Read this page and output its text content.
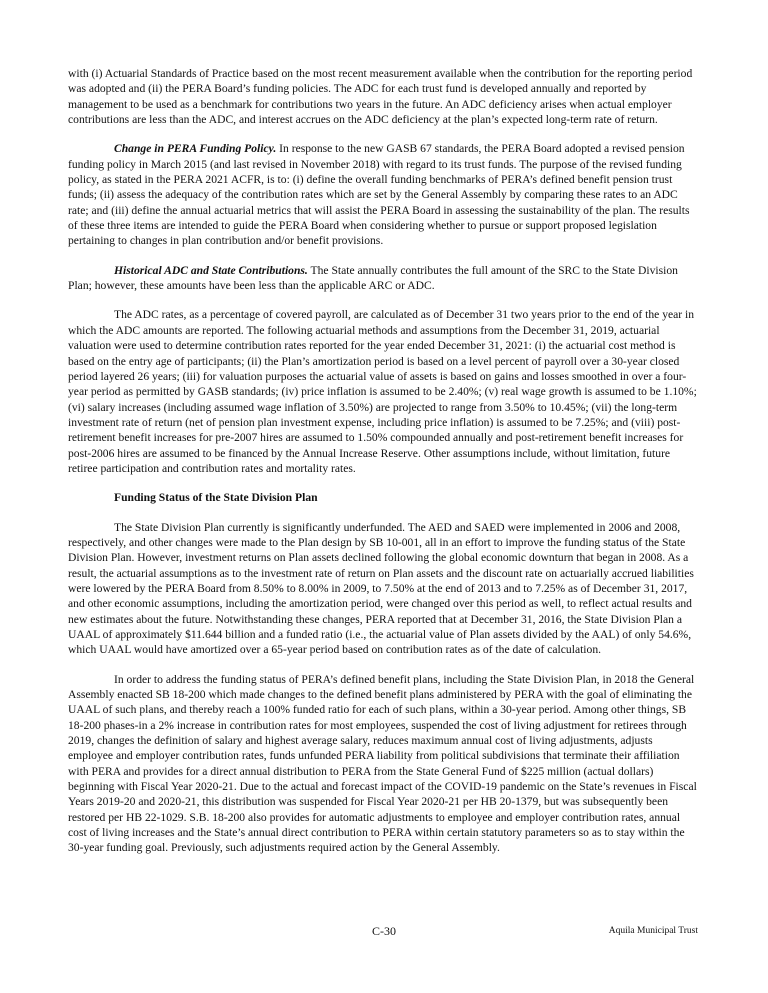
with (i) Actuarial Standards of Practice based on the most recent measurement available when the contribution for the reporting period was adopted and (ii) the PERA Board’s funding policies. The ADC for each trust fund is developed annually and reported by management to be used as a benchmark for contributions two years in the future. An ADC deficiency arises when actual employer contributions are less than the ADC, and interest accrues on the ADC deficiency at the plan’s expected long-term rate of return.

Change in PERA Funding Policy. In response to the new GASB 67 standards, the PERA Board adopted a revised pension funding policy in March 2015 (and last revised in November 2018) with regard to its trust funds. The purpose of the revised funding policy, as stated in the PERA 2021 ACFR, is to: (i) define the overall funding benchmarks of PERA’s defined benefit pension trust funds; (ii) assess the adequacy of the contribution rates which are set by the General Assembly by comparing these rates to an ADC rate; and (iii) define the annual actuarial metrics that will assist the PERA Board in assessing the sustainability of the plan. The results of these three items are intended to guide the PERA Board when considering whether to pursue or support proposed legislation pertaining to changes in plan contribution and/or benefit provisions.

Historical ADC and State Contributions. The State annually contributes the full amount of the SRC to the State Division Plan; however, these amounts have been less than the applicable ARC or ADC.

The ADC rates, as a percentage of covered payroll, are calculated as of December 31 two years prior to the end of the year in which the ADC amounts are reported. The following actuarial methods and assumptions from the December 31, 2019, actuarial valuation were used to determine contribution rates reported for the year ended December 31, 2021: (i) the actuarial cost method is based on the entry age of participants; (ii) the Plan’s amortization period is based on a level percent of payroll over a 30-year closed period layered 26 years; (iii) for valuation purposes the actuarial value of assets is based on gains and losses smoothed in over a four-year period as permitted by GASB standards; (iv) price inflation is assumed to be 2.40%; (v) real wage growth is assumed to be 1.10%; (vi) salary increases (including assumed wage inflation of 3.50%) are projected to range from 3.50% to 10.45%; (vii) the long-term investment rate of return (net of pension plan investment expense, including price inflation) is assumed to be 7.25%; and (viii) post-retirement benefit increases for pre-2007 hires are assumed to 1.50% compounded annually and post-retirement benefit increases for post-2006 hires are assumed to be financed by the Annual Increase Reserve. Other assumptions include, without limitation, future retiree participation and contribution rates and mortality rates.

Funding Status of the State Division Plan

The State Division Plan currently is significantly underfunded. The AED and SAED were implemented in 2006 and 2008, respectively, and other changes were made to the Plan design by SB 10-001, all in an effort to improve the funding status of the State Division Plan. However, investment returns on Plan assets declined following the global economic downturn that began in 2008. As a result, the actuarial assumptions as to the investment rate of return on Plan assets and the discount rate on actuarially accrued liabilities were lowered by the PERA Board from 8.50% to 8.00% in 2009, to 7.50% at the end of 2013 and to 7.25% as of December 31, 2017, and other economic assumptions, including the amortization period, were changed over this period as well, to reflect actual results and new estimates about the future. Notwithstanding these changes, PERA reported that at December 31, 2016, the State Division Plan a UAAL of approximately $11.644 billion and a funded ratio (i.e., the actuarial value of Plan assets divided by the AAL) of only 54.6%, which UAAL would have amortized over a 65-year period based on contribution rates as of the date of calculation.

In order to address the funding status of PERA’s defined benefit plans, including the State Division Plan, in 2018 the General Assembly enacted SB 18-200 which made changes to the defined benefit plans administered by PERA with the goal of eliminating the UAAL of such plans, and thereby reach a 100% funded ratio for each of such plans, within a 30-year period. Among other things, SB 18-200 phases-in a 2% increase in contribution rates for most employees, suspended the cost of living adjustment for retirees through 2019, changes the definition of salary and highest average salary, reduces maximum annual cost of living adjustments, adjusts employee and employer contribution rates, funds unfunded PERA liability from political subdivisions that terminate their affiliation with PERA and provides for a direct annual distribution to PERA from the State General Fund of $225 million (actual dollars) beginning with Fiscal Year 2020-21. Due to the actual and forecast impact of the COVID-19 pandemic on the State’s revenues in Fiscal Years 2019-20 and 2020-21, this distribution was suspended for Fiscal Year 2020-21 per HB 20-1379, but was subsequently been restored per HB 22-1029. S.B. 18-200 also provides for automatic adjustments to employee and employer contribution rates, annual cost of living increases and the State’s annual direct contribution to PERA within certain statutory parameters so as to stay within the 30-year funding goal. Previously, such adjustments required action by the General Assembly.

C-30	Aquila Municipal Trust
